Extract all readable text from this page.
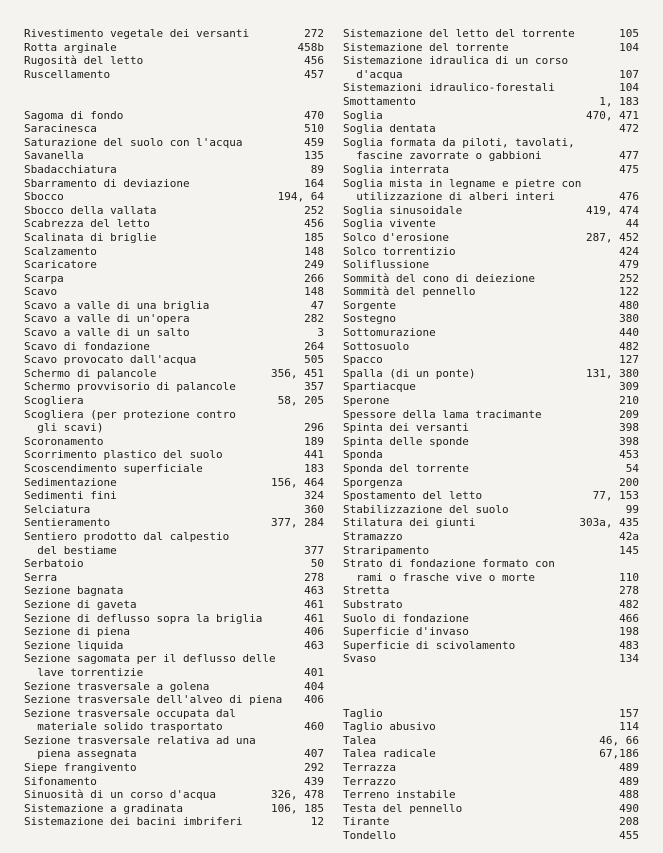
Rivestimento vegetale dei versanti	272
Rotta arginale	458b
Rugosità del letto	456
Ruscellamento	457
Sagoma di fondo	470
Saracinesca	510
Saturazione del suolo con l'acqua	459
Savanella	135
Sbadacchiatura	89
Sbarramento di deviazione	164
Sbocco	194, 64
Sbocco della vallata	252
Scabrezza del letto	456
Scalinata di briglie	185
Scalzamento	148
Scaricatore	249
Scarpa	266
Scavo	148
Scavo a valle di una briglia	47
Scavo a valle di un'opera	282
Scavo a valle di un salto	3
Scavo di fondazione	264
Scavo provocato dall'acqua	505
Schermo di palancole	356, 451
Schermo provvisorio di palancole	357
Scogliera	58, 205
Scogliera (per protezione contro
gli scavi)	296
Scoronamento	189
Scorrimento plastico del suolo	441
Scoscendimento superficiale	183
Sedimentazione	156, 464
Sedimenti fini	324
Selciatura	360
Sentieramento	377, 284
Sentiero prodotto dal calpestio
del bestiame	377
Serbatoio	50
Serra	278
Sezione bagnata	463
Sezione di gaveta	461
Sezione di deflusso sopra la briglia	461
Sezione di piena	406
Sezione liquida	463
Sezione sagomata per il deflusso delle
lave torrentizie	401
Sezione trasversale a golena	404
Sezione trasversale dell'alveo di piena	406
Sezione trasversale occupata dal
materiale solido trasportato	460
Sezione trasversale relativa ad una
piena assegnata	407
Siepe frangivento	292
Sifonamento	439
Sinuosità di un corso d'acqua	326, 478
Sistemazione a gradinata	106, 185
Sistemazione dei bacini imbriferi	12
Sistemazione del letto del torrente	105
Sistemazione del torrente	104
Sistemazione idraulica di un corso
d'acqua	107
Sistemazioni idraulico-forestali	104
Smottamento	1, 183
Soglia	470, 471
Soglia dentata	472
Soglia formata da piloti, tavolati,
fascine zavorrate o gabbioni	477
Soglia interrata	475
Soglia mista in legname e pietre con
utilizzazione di alberi interi	476
Soglia sinusoidale	419, 474
Soglia vivente	44
Solco d'erosione	287, 452
Solco torrentizio	424
Soliflussione	479
Sommità del cono di deiezione	252
Sommità del pennello	122
Sorgente	480
Sostegno	380
Sottomurazione	440
Sottosuolo	482
Spacco	127
Spalla (di un ponte)	131, 380
Spartiacque	309
Sperone	210
Spessore della lama tracimante	209
Spinta dei versanti	398
Spinta delle sponde	398
Sponda	453
Sponda del torrente	54
Sporgenza	200
Spostamento del letto	77, 153
Stabilizzazione del suolo	99
Stilatura dei giunti	303a, 435
Stramazzo	42a
Straripamento	145
Strato di fondazione formato con
rami o frasche vive o morte	110
Stretta	278
Substrato	482
Suolo di fondazione	466
Superficie d'invaso	198
Superficie di scivolamento	483
Svaso	134
Taglio	157
Taglio abusivo	114
Talea	46, 66
Talea radicale	67,186
Terrazza	489
Terrazzo	489
Terreno instabile	488
Testa del pennello	490
Tirante	208
Tondello	455
